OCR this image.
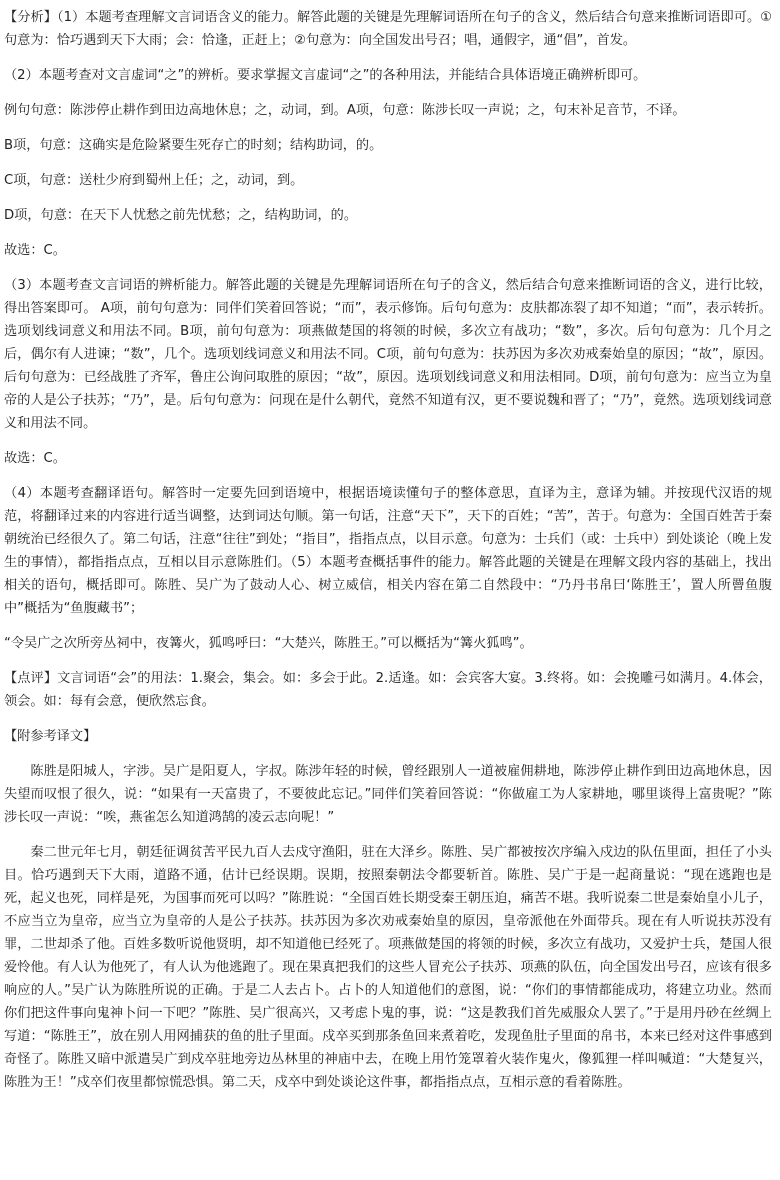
【分析】（1）本题考查理解文言词语含义的能力。解答此题的关键是先理解词语所在句子的含义，然后结合句意来推断词语即可。①句意为：恰巧遇到天下大雨；会：恰逢，正赶上；②句意为：向全国发出号召；唱，通假字，通“倡”，首发。

（2）本题考查对文言虚词“之”的辨析。要求掌握文言虚词“之”的各种用法，并能结合具体语境正确辨析即可。

例句句意：陈涉停止耕作到田边高地休息；之，动词，到。A项，句意：陈涉长叹一声说；之，句末补足音节，不译。

B项，句意：这确实是危险紧要生死存亡的时刻；结构助词，的。

C项，句意：送杜少府到蜀州上任；之，动词，到。

D项，句意：在天下人忧愁之前先忧愁；之，结构助词，的。

故选：C。

（3）本题考查文言词语的辨析能力。解答此题的关键是先理解词语所在句子的含义，然后结合句意来推断词语的含义，进行比较，得出答案即可。 A项，前句句意为：同伴们笑着回答说；“而”，表示修饰。后句句意为：皮肤都冻裂了却不知道；“而”，表示转折。选项划线词意义和用法不同。B项，前句句意为：项燕做楚国的将领的时候，多次立有战功；“数”，多次。后句句意为：几个月之后，偶尔有人进谏；“数”，几个。选项划线词意义和用法不同。C项，前句句意为：扶苏因为多次劝戒秦始皇的原因；“故”，原因。后句句意为：已经战胜了齐军，鲁庄公询问取胜的原因；“故”，原因。选项划线词意义和用法相同。D项，前句句意为：应当立为皇帝的人是公子扶苏；“乃”，是。后句句意为：问现在是什么朝代，竟然不知道有汉，更不要说魏和晋了；“乃”，竟然。选项划线词意义和用法不同。

故选：C。

（4）本题考查翻译语句。解答时一定要先回到语境中，根据语境读懂句子的整体意思，直译为主，意译为辅。并按现代汉语的规范，将翻译过来的内容进行适当调整，达到词达句顺。第一句话，注意“天下”，天下的百姓；“苦”，苦于。句意为：全国百姓苦于秦朝统治已经很久了。第二句话，注意“往往”到处；“指目”，指指点点，以目示意。句意为：士兵们（或：士兵中）到处谈论（晚上发生的事情），都指指点点，互相以目示意陈胜们。（5）本题考查概括事件的能力。解答此题的关键是在理解文段内容的基础上，找出相关的语句，概括即可。陈胜、吴广为了鼓动人心、树立威信，相关内容在第二自然段中：“乃丹书帛曰‘陈胜王’，置人所罾鱼腹中”概括为“鱼腹藏书”；

“令吴广之次所旁丛祠中，夜篝火，狐鸣呼曰：“大楚兴，陈胜王。”可以概括为“篝火狐鸣”。

【点评】文言词语“会”的用法：1.聚会，集会。如：多会于此。2.适逢。如：会宾客大宴。3.终将。如：会挽雕弓如满月。4.体会，领会。如：每有会意，便欣然忘食。

【附参考译文】

陈胜是阳城人，字涉。吴广是阳夏人，字叔。陈涉年轻的时候，曾经跟别人一道被雇佣耕地，陈涉停止耕作到田边高地休息，因失望而叹恨了很久，说：“如果有一天富贵了，不要彼此忘记。”同伴们笑着回答说：“你做雇工为人家耕地，哪里谈得上富贵呢？”陈涉长叹一声说：“唉，燕雀怎么知道鸿鹄的凌云志向呢！”

秦二世元年七月，朝廷征调贫苦平民九百人去戍守渔阳，驻在大泽乡。陈胜、吴广都被按次序编入戍边的队伍里面，担任了小头目。恰巧遇到天下大雨，道路不通，估计已经误期。误期，按照秦朝法令都要斩首。陈胜、吴广于是一起商量说：“现在逃跑也是死，起义也死，同样是死，为国事而死可以吗？”陈胜说：“全国百姓长期受秦王朝压迫，痛苦不堪。我听说秦二世是秦始皇小儿子，不应当立为皇帝，应当立为皇帝的人是公子扶苏。扶苏因为多次劝戒秦始皇的原因，皇帝派他在外面带兵。现在有人听说扶苏没有罪，二世却杀了他。百姓多数听说他贤明，却不知道他已经死了。项燕做楚国的将领的时候，多次立有战功，又爱护士兵，楚国人很爱怜他。有人认为他死了，有人认为他逃跑了。现在果真把我们的这些人冒充公子扶苏、项燕的队伍，向全国发出号召，应该有很多响应的人。”吴广认为陈胜所说的正确。于是二人去占卜。占卜的人知道他们的意图，说：“你们的事情都能成功，将建立功业。然而你们把这件事向鬼神卜问一下吧？”陈胜、吴广很高兴，又考虑卜鬼的事，说：“这是教我们首先威服众人罢了。”于是用丹砂在丝绸上写道：“陈胜王”，放在别人用网捕获的鱼的肚子里面。戍卒买到那条鱼回来煮着吃，发现鱼肚子里面的帛书，本来已经对这件事感到奇怪了。陈胜又暗中派遣吴广到戍卒驻地旁边丛林里的神庙中去，在晚上用竹笼罩着火装作鬼火，像狐狸一样叫喊道：“大楚复兴，陈胜为王！”戍卒们夜里都惊慌恐惧。第二天，戍卒中到处谈论这件事，都指指点点，互相示意的看着陈胜。
